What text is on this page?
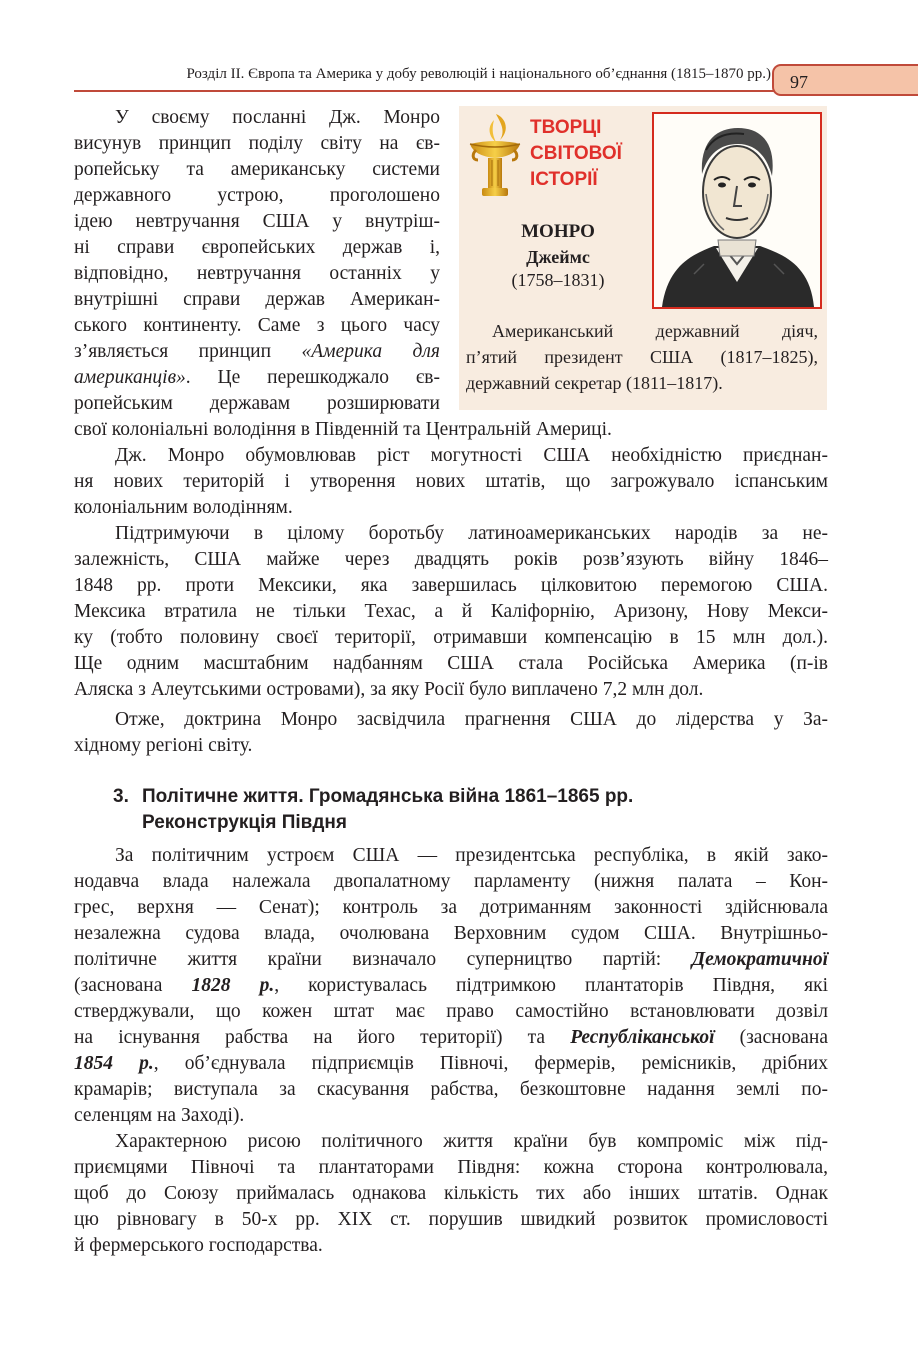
Розділ ІІ. Європа та Америка у добу революцій і національного об’єднання (1815–1870 рр.) 97
ТВОРЦІ
СВІТОВОЇ
ІСТОРІЇ
МОНРО
Джеймс
(1758–1831)

Американський державний діяч,

п’ятий президент США (1817–1825),

державний секретар (1811–1817).

У своєму посланні Дж. Монро

висунув принцип поділу світу на єв-

ропейську та американську системи

державного устрою, проголошено

ідею невтручання США у внутріш-

ні справи європейських держав і,

відповідно, невтручання останніх у

внутрішні справи держав Американ-

ського континенту. Саме з цього часу

з’являється принцип «Америка для

американців». Це перешкоджало єв-

ропейським державам розширювати

свої колоніальні володіння в Південній та Центральній Америці.

Дж. Монро обумовлював ріст могутності США необхідністю приєднан-

ня нових територій і утворення нових штатів, що загрожувало іспанським

колоніальним володінням.

Підтримуючи в цілому боротьбу латиноамериканських народів за не-

залежність, США майже через двадцять років розв’язують війну 1846–

1848 рр. проти Мексики, яка завершилась цілковитою перемогою США.

Мексика втратила не тільки Техас, а й Каліфорнію, Аризону, Нову Мекси-

ку (тобто половину своєї території, отримавши компенсацію в 15 млн дол.).

Ще одним масштабним надбанням США стала Російська Америка (п-ів

Аляска з Алеутськими островами), за яку Росії було виплачено 7,2 млн дол.

Отже, доктрина Монро засвідчила прагнення США до лідерства у За-

хідному регіоні світу.

3. Політичне життя. Громадянська війна 1861–1865 рр.
Реконструкція Півдня

За політичним устроєм США — президентська республіка, в якій зако-

нодавча влада належала двопалатному парламенту (нижня палата – Кон-

грес, верхня — Сенат); контроль за дотриманням законності здійснювала

незалежна судова влада, очолювана Верховним судом США. Внутрішньо-

політичне життя країни визначало суперництво партій: Демократичної

(заснована 1828 р., користувалась підтримкою плантаторів Півдня, які

стверджували, що кожен штат має право самостійно встановлювати дозвіл

на існування рабства на його території) та Республіканської (заснована

1854 р., об’єднувала підприємців Півночі, фермерів, ремісників, дрібних

крамарів; виступала за скасування рабства, безкоштовне надання землі по-

селенцям на Заході).

Характерною рисою політичного життя країни був компроміс між під-

приємцями Півночі та плантаторами Півдня: кожна сторона контролювала,

щоб до Союзу приймалась однакова кількість тих або інших штатів. Однак

цю рівновагу в 50-х рр. XIX ст. порушив швидкий розвиток промисловості

й фермерського господарства.
